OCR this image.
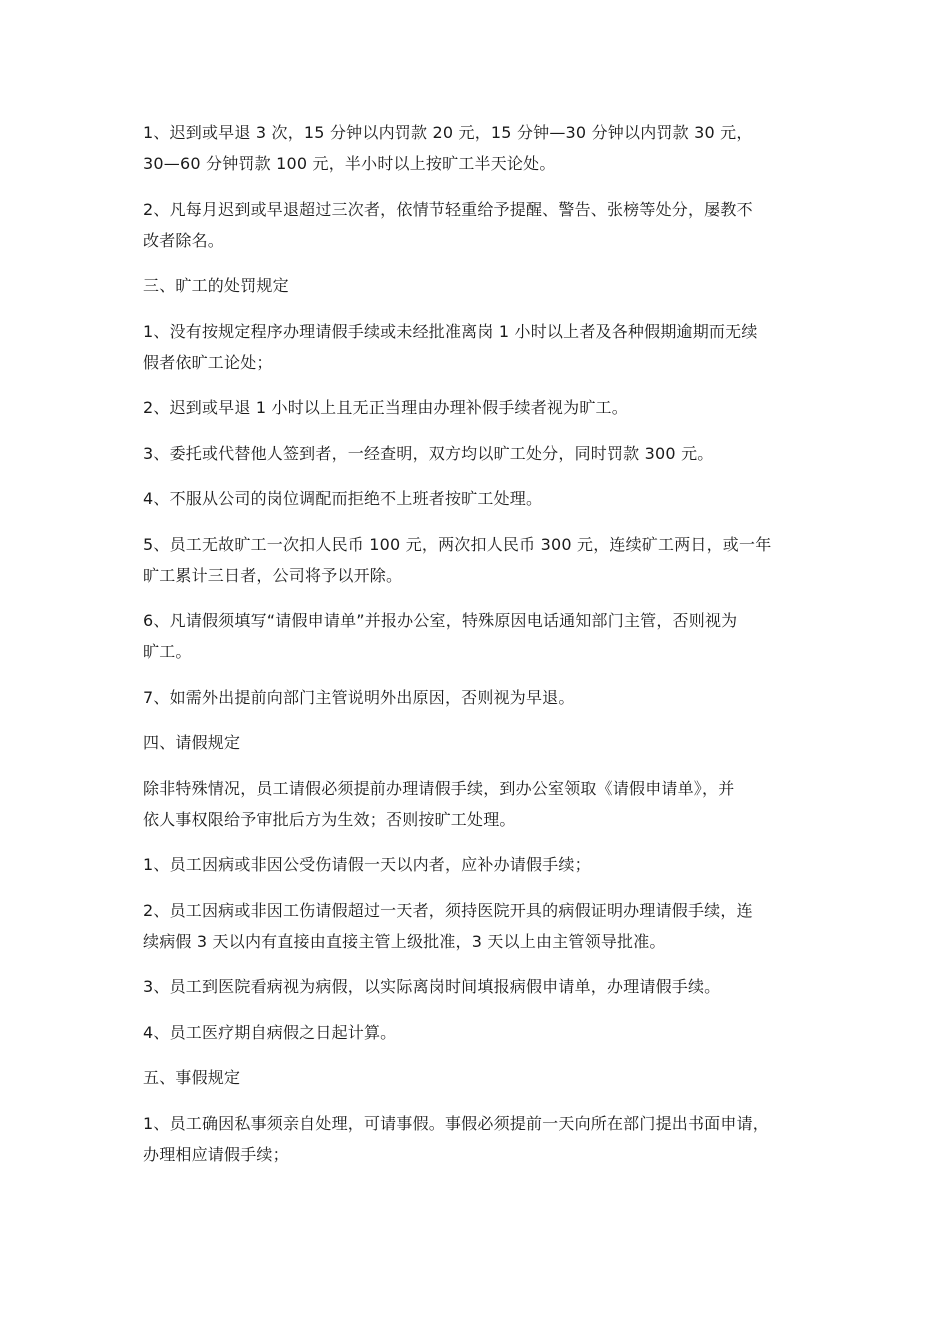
1、迟到或早退 3 次，15 分钟以内罚款 20 元，15 分钟—30 分钟以内罚款 30 元，
30—60 分钟罚款 100 元，半小时以上按旷工半天论处。

2、凡每月迟到或早退超过三次者，依情节轻重给予提醒、警告、张榜等处分，屡教不
改者除名。

三、旷工的处罚规定

1、没有按规定程序办理请假手续或未经批准离岗 1 小时以上者及各种假期逾期而无续
假者依旷工论处；

2、迟到或早退 1 小时以上且无正当理由办理补假手续者视为旷工。

3、委托或代替他人签到者，一经查明，双方均以旷工处分，同时罚款 300 元。

4、不服从公司的岗位调配而拒绝不上班者按旷工处理。

5、员工无故旷工一次扣人民币 100 元，两次扣人民币 300 元，连续矿工两日，或一年
旷工累计三日者，公司将予以开除。

6、凡请假须填写“请假申请单”并报办公室，特殊原因电话通知部门主管，否则视为
旷工。

7、如需外出提前向部门主管说明外出原因，否则视为早退。

四、请假规定

除非特殊情况，员工请假必须提前办理请假手续，到办公室领取《请假申请单》，并
依人事权限给予审批后方为生效；否则按旷工处理。

1、员工因病或非因公受伤请假一天以内者，应补办请假手续；

2、员工因病或非因工伤请假超过一天者，须持医院开具的病假证明办理请假手续，连
续病假 3 天以内有直接由直接主管上级批准，3 天以上由主管领导批准。

3、员工到医院看病视为病假，以实际离岗时间填报病假申请单，办理请假手续。

4、员工医疗期自病假之日起计算。

五、事假规定

1、员工确因私事须亲自处理，可请事假。事假必须提前一天向所在部门提出书面申请，
办理相应请假手续；
